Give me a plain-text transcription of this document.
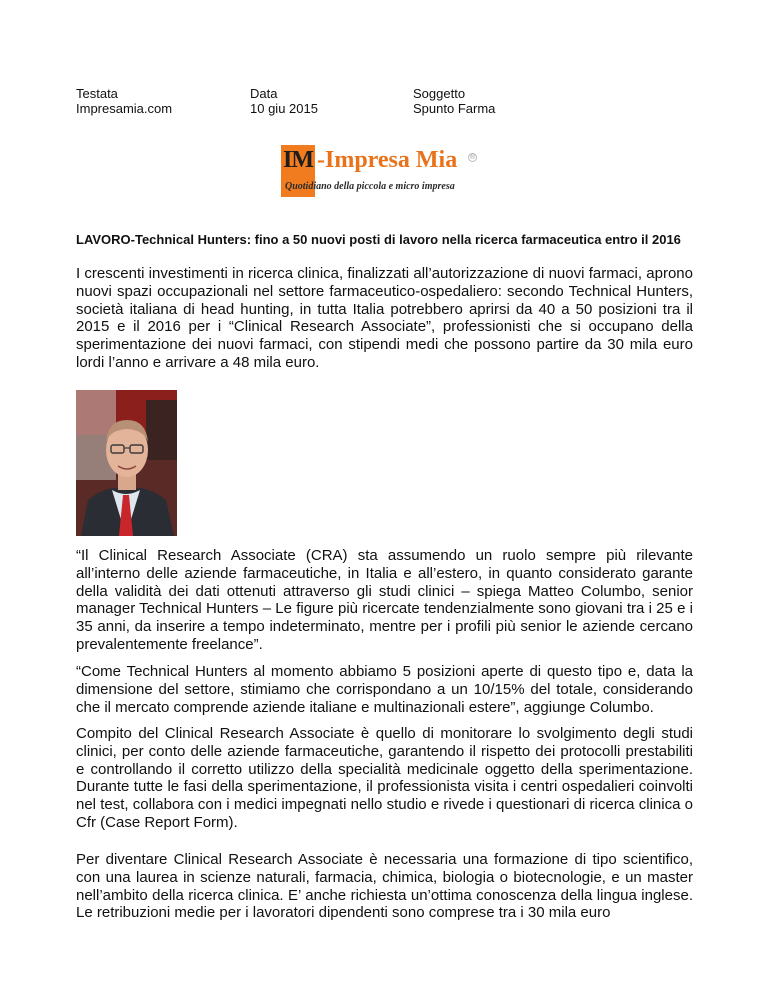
Testata
Impresamia.com
Data
10 giu 2015
Soggetto
Spunto Farma
IM -Impresa Mia ®
Quotidiano della piccola e micro impresa
LAVORO-Technical Hunters: fino a 50 nuovi posti di lavoro nella ricerca farmaceutica entro il 2016

I crescenti investimenti in ricerca clinica, finalizzati all’autorizzazione di nuovi farmaci, aprono nuovi spazi occupazionali nel settore farmaceutico-ospedaliero: secondo Technical Hunters, società italiana di head hunting, in tutta Italia potrebbero aprirsi da 40 a 50 posizioni tra il 2015 e il 2016 per i “Clinical Research Associate”, professionisti che si occupano della sperimentazione dei nuovi farmaci, con stipendi medi che possono partire da 30 mila euro lordi l’anno e arrivare a 48 mila euro.

“Il Clinical Research Associate (CRA) sta assumendo un ruolo sempre più rilevante all’interno delle aziende farmaceutiche, in Italia e all’estero, in quanto considerato garante della validità dei dati ottenuti attraverso gli studi clinici – spiega Matteo Columbo, senior manager Technical Hunters – Le figure più ricercate tendenzialmente sono giovani tra i 25 e i 35 anni, da inserire a tempo indeterminato, mentre per i profili più senior le aziende cercano prevalentemente freelance”.

“Come Technical Hunters al momento abbiamo 5 posizioni aperte di questo tipo e, data la dimensione del settore, stimiamo che corrispondano a un 10/15% del totale, considerando che il mercato comprende aziende italiane e multinazionali estere”, aggiunge Columbo.

Compito del Clinical Research Associate è quello di monitorare lo svolgimento degli studi clinici, per conto delle aziende farmaceutiche, garantendo il rispetto dei protocolli prestabiliti e controllando il corretto utilizzo della specialità medicinale oggetto della sperimentazione. Durante tutte le fasi della sperimentazione, il professionista visita i centri ospedalieri coinvolti nel test, collabora con i medici impegnati nello studio e rivede i questionari di ricerca clinica o Cfr (Case Report Form).

Per diventare Clinical Research Associate è necessaria una formazione di tipo scientifico, con una laurea in scienze naturali, farmacia, chimica, biologia o biotecnologie, e un master nell’ambito della ricerca clinica. E’ anche richiesta un’ottima conoscenza della lingua inglese. Le retribuzioni medie per i lavoratori dipendenti sono comprese tra i 30 mila euro
